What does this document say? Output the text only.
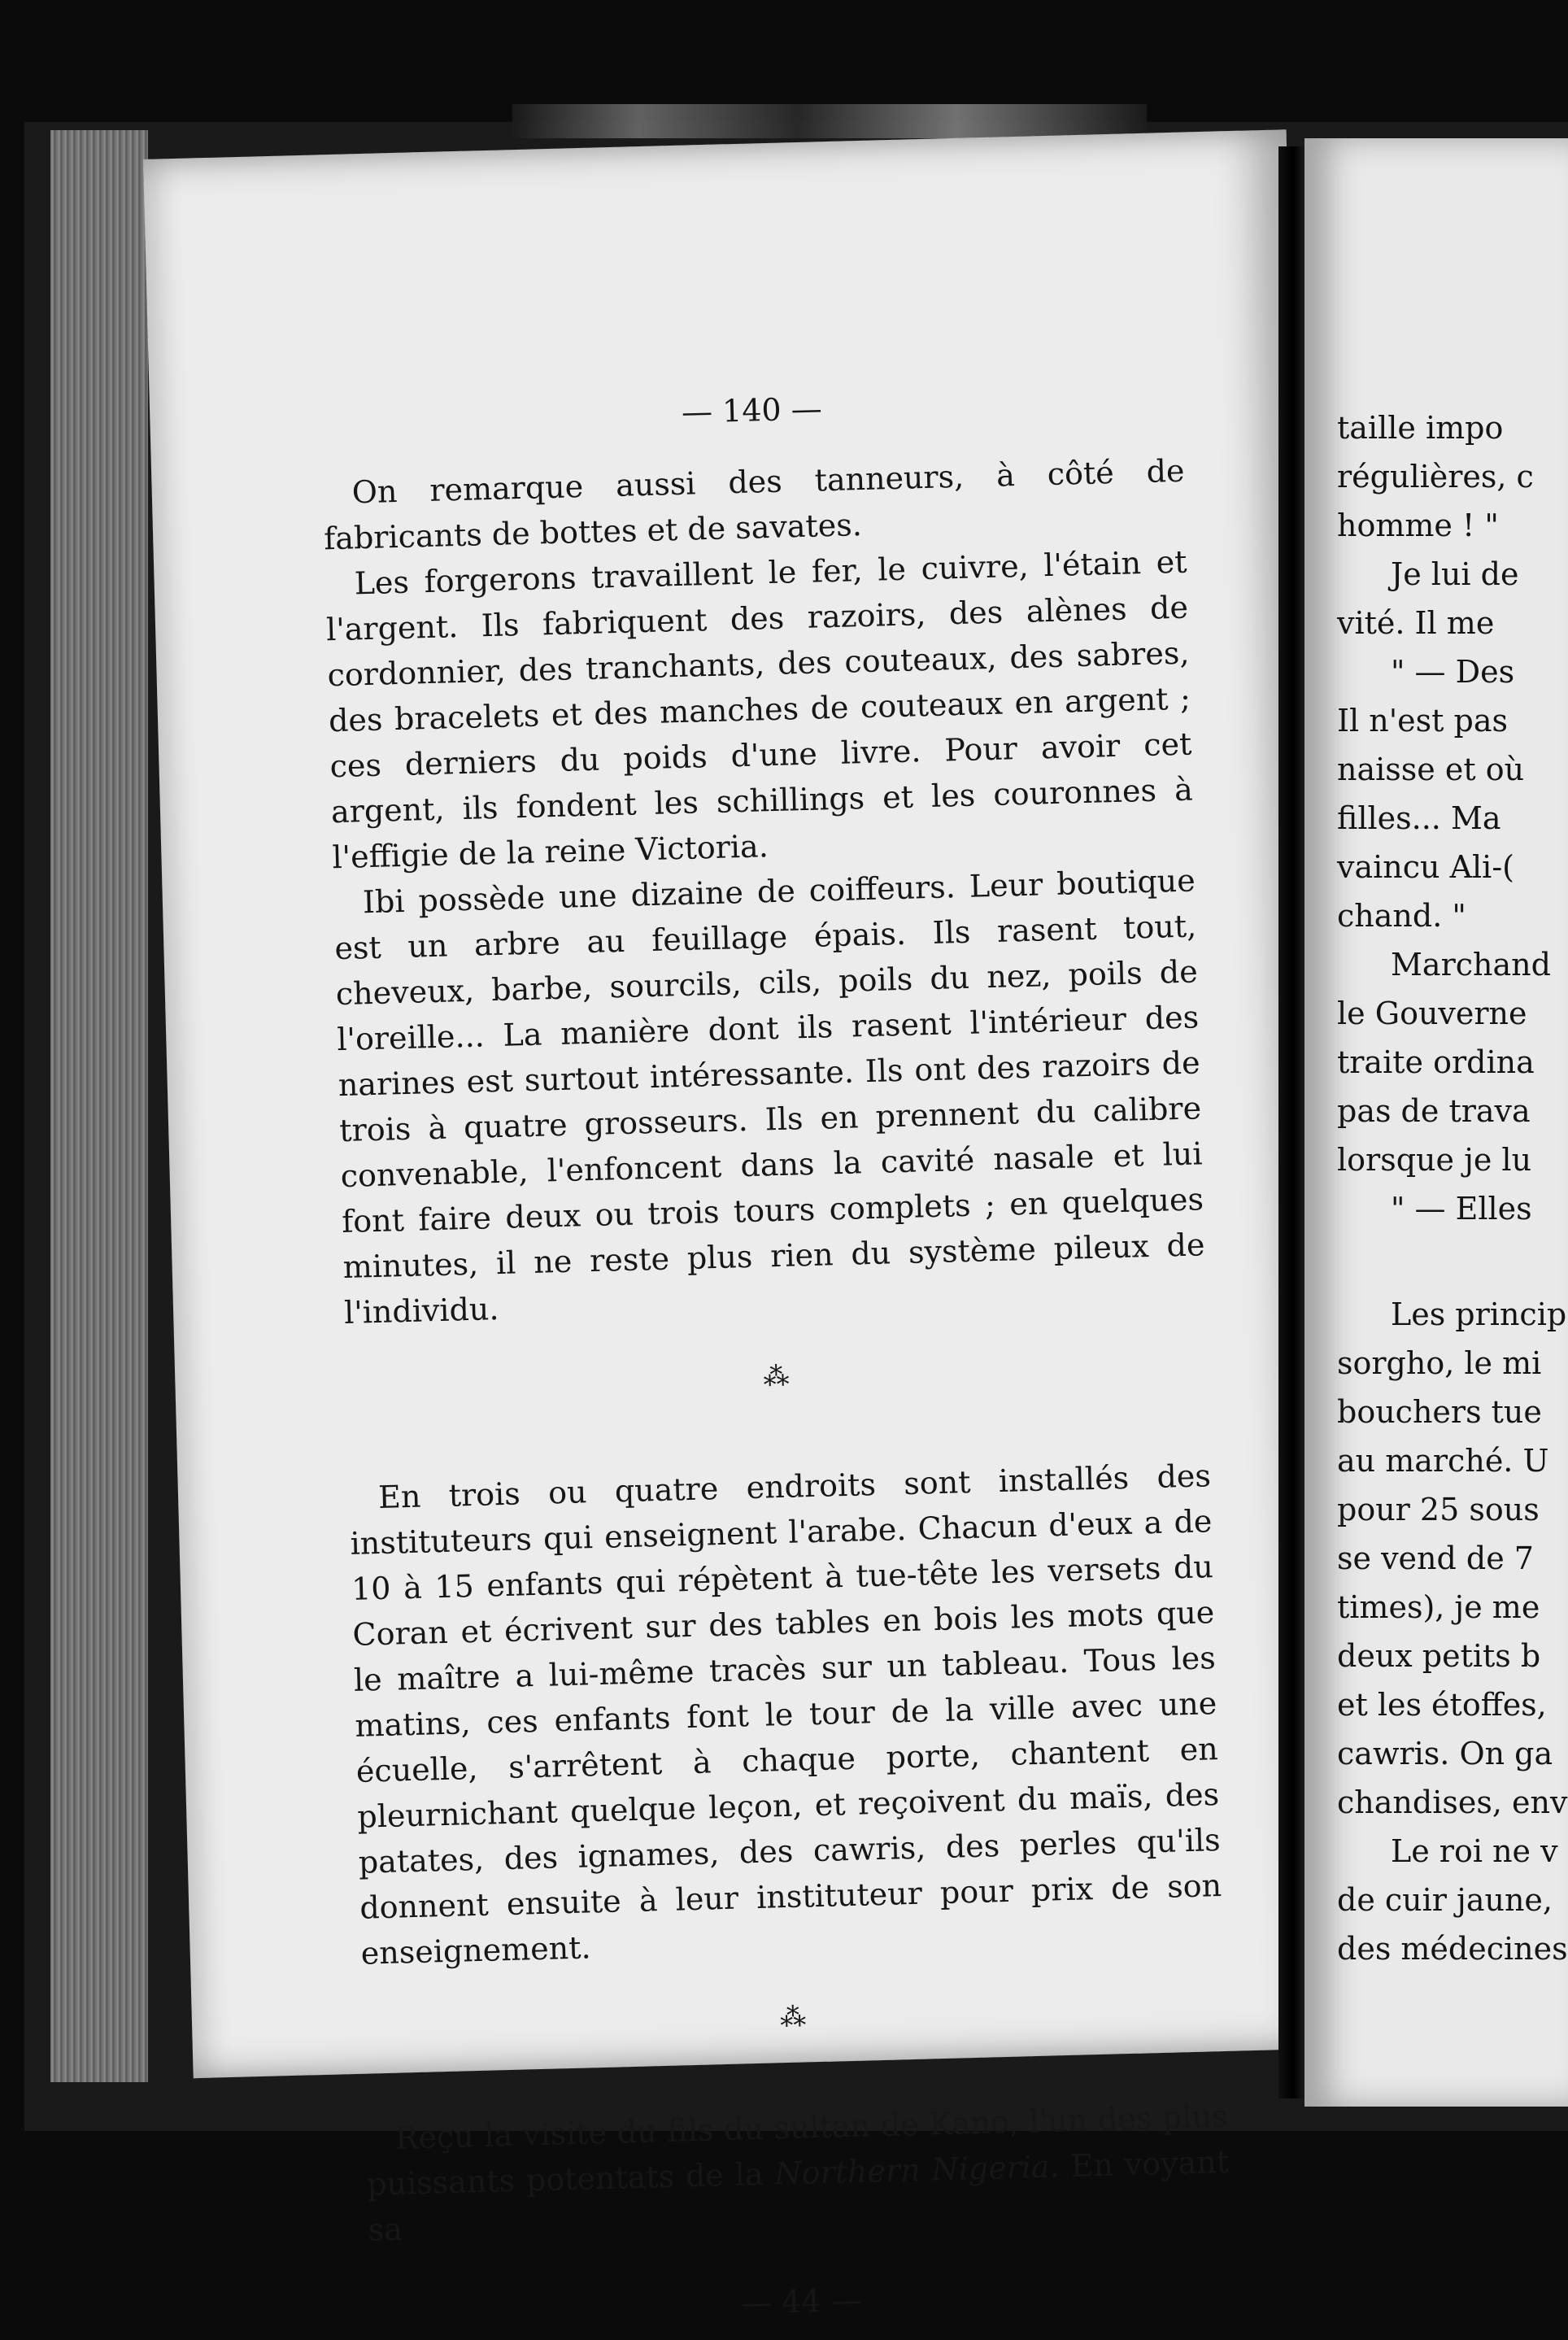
— 140 —

On remarque aussi des tanneurs, à côté de fabricants de bottes et de savates.

Les forgerons travaillent le fer, le cuivre, l'étain et l'argent. Ils fabriquent des razoirs, des alènes de cordonnier, des tranchants, des couteaux, des sabres, des bracelets et des manches de couteaux en argent ; ces derniers du poids d'une livre. Pour avoir cet argent, ils fondent les schillings et les couronnes à l'effigie de la reine Victoria.

Ibi possède une dizaine de coiffeurs. Leur boutique est un arbre au feuillage épais. Ils rasent tout, cheveux, barbe, sourcils, cils, poils du nez, poils de l'oreille... La manière dont ils rasent l'intérieur des narines est surtout intéressante. Ils ont des razoirs de trois à quatre grosseurs. Ils en prennent du calibre convenable, l'enfoncent dans la cavité nasale et lui font faire deux ou trois tours complets ; en quelques minutes, il ne reste plus rien du système pileux de l'individu.

⁂

En trois ou quatre endroits sont installés des instituteurs qui enseignent l'arabe. Chacun d'eux a de 10 à 15 enfants qui répètent à tue-tête les versets du Coran et écrivent sur des tables en bois les mots que le maître a lui-même tracès sur un tableau. Tous les matins, ces enfants font le tour de la ville avec une écuelle, s'arrêtent à chaque porte, chantent en pleurnichant quelque leçon, et reçoivent du maïs, des patates, des ignames, des cawris, des perles qu'ils donnent ensuite à leur instituteur pour prix de son enseignement.

⁂

Reçu la visite du fils du sultan de Kano, l'un des plus puissants potentats de la Northern Nigeria. En voyant sa

— 44 —
taille impo
régulières, c
homme ! "
Je lui de
vité. Il me
" — Des
Il n'est pas
naisse et où
filles... Ma
vaincu Ali-(
chand. "
Marchand
le Gouverne
traite ordina
pas de trava
lorsque je lu
" — Elles
Les princip
sorgho, le mi
bouchers tue
au marché. U
pour 25 sous
se vend de 7
times), je me
deux petits b
et les étoffes,
cawris. On ga
chandises, env
Le roi ne v
de cuir jaune,
des médecines
